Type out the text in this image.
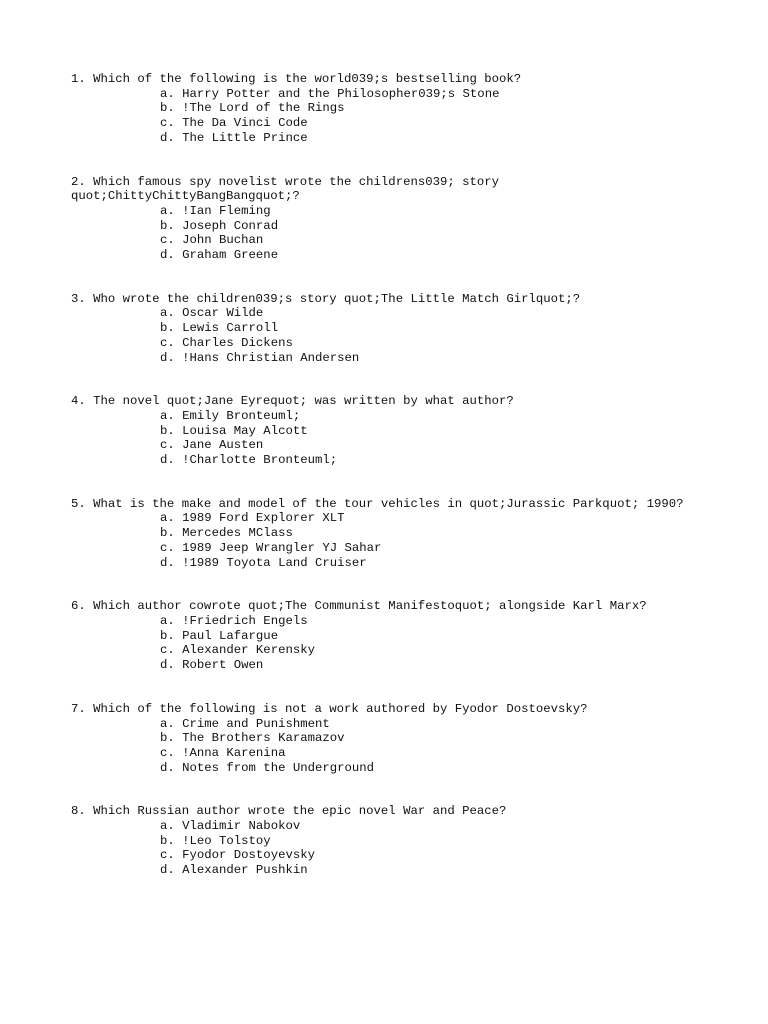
1. Which of the following is the world039;s bestselling book?
a. Harry Potter and the Philosopher039;s Stone
b. !The Lord of the Rings
c. The Da Vinci Code
d. The Little Prince
2. Which famous spy novelist wrote the childrens039; story
quot;ChittyChittyBangBangquot;?
a. !Ian Fleming
b. Joseph Conrad
c. John Buchan
d. Graham Greene
3. Who wrote the children039;s story quot;The Little Match Girlquot;?
a. Oscar Wilde
b. Lewis Carroll
c. Charles Dickens
d. !Hans Christian Andersen
4. The novel quot;Jane Eyrequot; was written by what author?
a. Emily Bronteuml;
b. Louisa May Alcott
c. Jane Austen
d. !Charlotte Bronteuml;
5. What is the make and model of the tour vehicles in quot;Jurassic Parkquot; 1990?
a. 1989 Ford Explorer XLT
b. Mercedes MClass
c. 1989 Jeep Wrangler YJ Sahar
d. !1989 Toyota Land Cruiser
6. Which author cowrote quot;The Communist Manifestoquot; alongside Karl Marx?
a. !Friedrich Engels
b. Paul Lafargue
c. Alexander Kerensky
d. Robert Owen
7. Which of the following is not a work authored by Fyodor Dostoevsky?
a. Crime and Punishment
b. The Brothers Karamazov
c. !Anna Karenina
d. Notes from the Underground
8. Which Russian author wrote the epic novel War and Peace?
a. Vladimir Nabokov
b. !Leo Tolstoy
c. Fyodor Dostoyevsky
d. Alexander Pushkin
